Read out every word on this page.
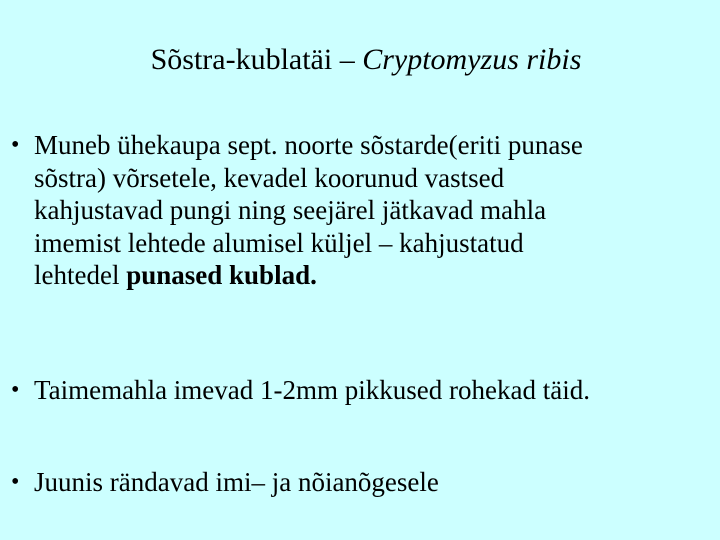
Sõstra-kublatäi – Cryptomyzus ribis
• Muneb ühekaupa sept. noorte sõstarde(eriti punase
sõstra) võrsetele, kevadel koorunud vastsed
kahjustavad pungi ning seejärel jätkavad mahla
imemist lehtede alumisel küljel – kahjustatud
lehtedel punased kublad.
• Taimemahla imevad 1-2mm pikkused rohekad täid.
• Juunis rändavad imi– ja nõianõgesele
